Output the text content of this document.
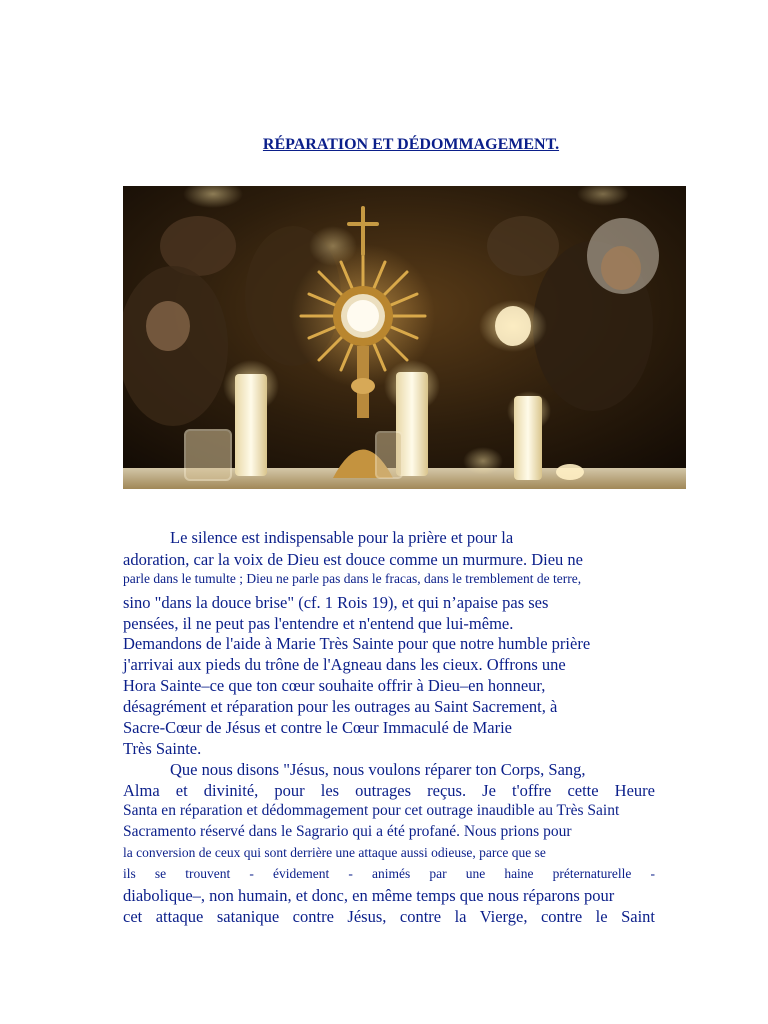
RÉPARATION ET DÉDOMMAGEMENT.
Le silence est indispensable pour la prière et pour la
adoration, car la voix de Dieu est douce comme un murmure. Dieu ne
parle dans le tumulte ; Dieu ne parle pas dans le fracas, dans le tremblement de terre,
sino "dans la douce brise" (cf. 1 Rois 19), et qui n’apaise pas ses
pensées, il ne peut pas l'entendre et n'entend que lui-même.
Demandons de l'aide à Marie Très Sainte pour que notre humble prière
j'arrivai aux pieds du trône de l'Agneau dans les cieux. Offrons une
Hora Sainte–ce que ton cœur souhaite offrir à Dieu–en honneur,
désagrément et réparation pour les outrages au Saint Sacrement, à
Sacre-Cœur de Jésus et contre le Cœur Immaculé de Marie
Très Sainte.
Que nous disons "Jésus, nous voulons réparer ton Corps, Sang,
Alma et divinité, pour les outrages reçus. Je t'offre cette Heure
Santa en réparation et dédommagement pour cet outrage inaudible au Très Saint
Sacramento réservé dans le Sagrario qui a été profané. Nous prions pour
la conversion de ceux qui sont derrière une attaque aussi odieuse, parce que se
ils se trouvent - évidement - animés par une haine préternaturelle -
diabolique–, non humain, et donc, en même temps que nous réparons pour
cet attaque satanique contre Jésus, contre la Vierge, contre le Saint
